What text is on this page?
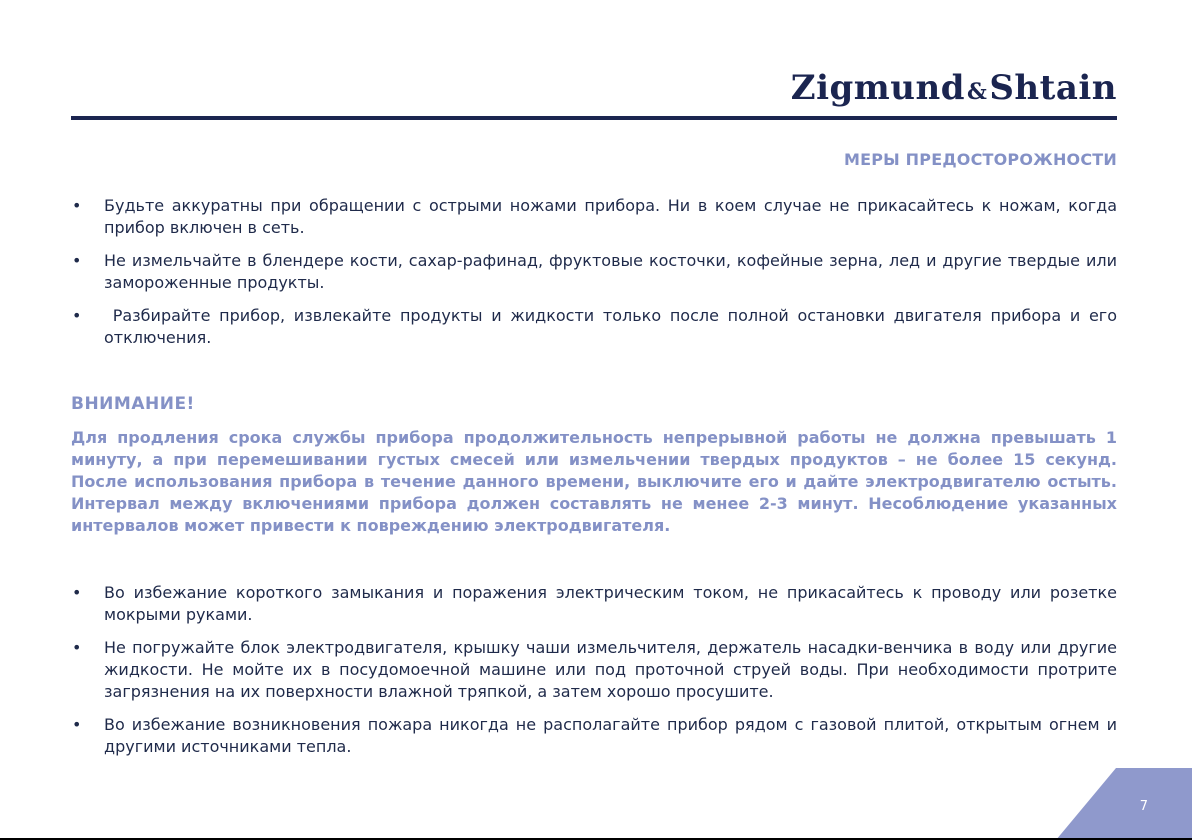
Zigmund&Shtain
МЕРЫ ПРЕДОСТОРОЖНОСТИ
• Будьте аккуратны при обращении с острыми ножами прибора. Ни в коем случае не прикасайтесь к ножам, когда прибор включен в сеть.
• Не измельчайте в блендере кости, сахар-рафинад, фруктовые косточки, кофейные зерна, лед и другие твердые или замороженные продукты.
• Разбирайте прибор, извлекайте продукты и жидкости только после полной остановки двигателя прибора и его отключения.
ВНИМАНИЕ!

Для продления срока службы прибора продолжительность непрерывной работы не должна превышать 1 минуту, а при перемешивании густых смесей или измельчении твердых продуктов – не более 15 секунд. После использования прибора в течение данного времени, выключите его и дайте электродвигателю остыть. Интервал между включениями прибора должен составлять не менее 2-3 минут. Несоблюдение указанных интервалов может привести к повреждению электродвигателя.

• Во избежание короткого замыкания и поражения электрическим током, не прикасайтесь к проводу или розетке мокрыми руками.
• Не погружайте блок электродвигателя, крышку чаши измельчителя, держатель насадки-венчика в воду или другие жидкости. Не мойте их в посудомоечной машине или под проточной струей воды. При необходимости протрите загрязнения на их поверхности влажной тряпкой, а затем хорошо просушите.
• Во избежание возникновения пожара никогда не располагайте прибор рядом с газовой плитой, открытым огнем и другими источниками тепла.
7
